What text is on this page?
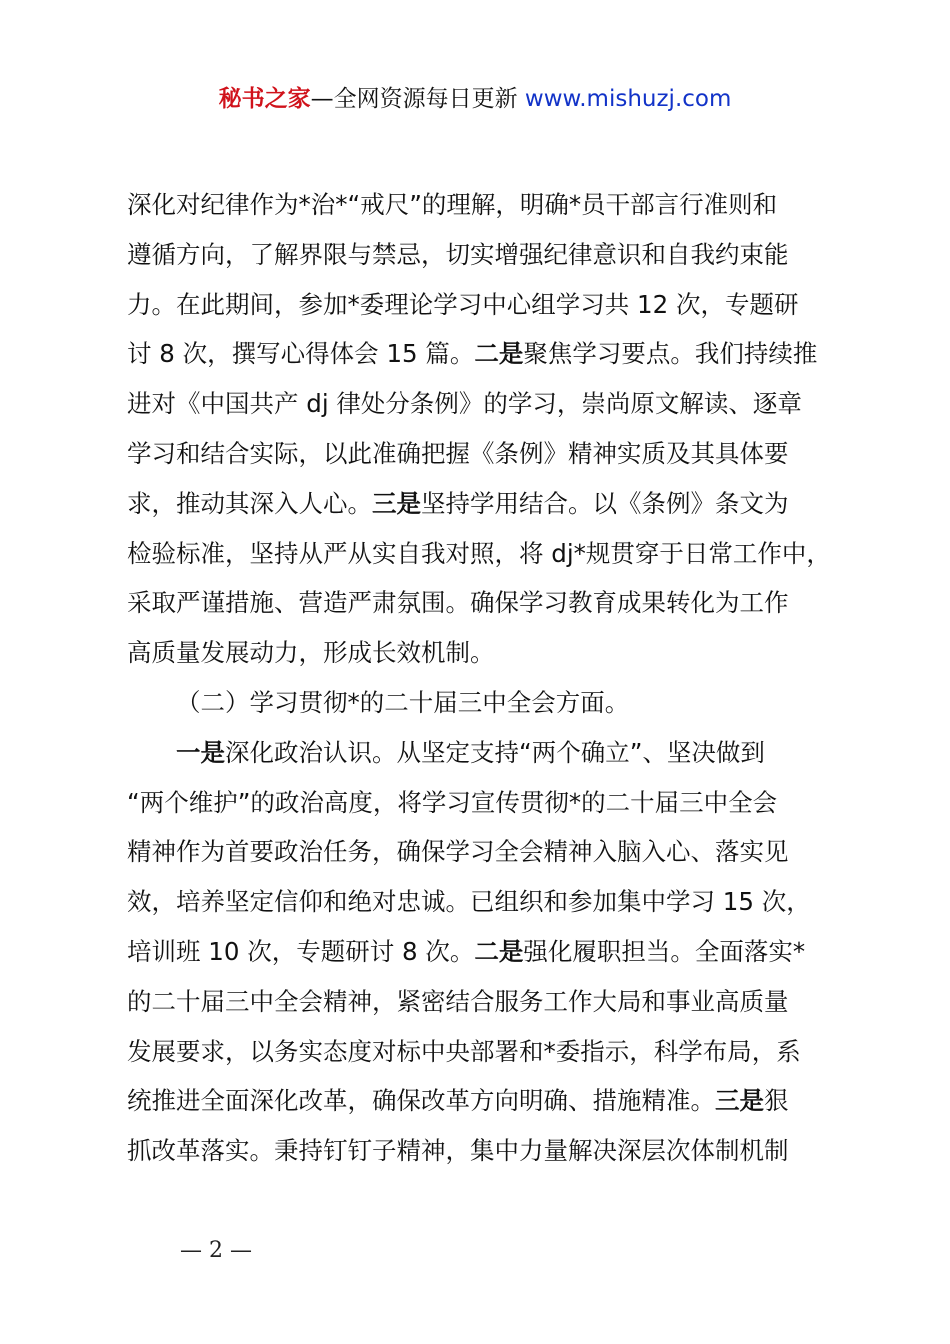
秘书之家—全网资源每日更新 www.mishuzj.com
深化对纪律作为*治*“戒尺”的理解，明确*员干部言行准则和
遵循方向，了解界限与禁忌，切实增强纪律意识和自我约束能
力。在此期间，参加*委理论学习中心组学习共 12 次，专题研
讨 8 次，撰写心得体会 15 篇。二是聚焦学习要点。我们持续推
进对《中国共产 dj 律处分条例》的学习，崇尚原文解读、逐章
学习和结合实际，以此准确把握《条例》精神实质及其具体要
求，推动其深入人心。三是坚持学用结合。以《条例》条文为
检验标准，坚持从严从实自我对照，将 dj*规贯穿于日常工作中，
采取严谨措施、营造严肃氛围。确保学习教育成果转化为工作
高质量发展动力，形成长效机制。
（二）学习贯彻*的二十届三中全会方面。
一是深化政治认识。从坚定支持“两个确立”、坚决做到
“两个维护”的政治高度，将学习宣传贯彻*的二十届三中全会
精神作为首要政治任务，确保学习全会精神入脑入心、落实见
效，培养坚定信仰和绝对忠诚。已组织和参加集中学习 15 次，
培训班 10 次，专题研讨 8 次。二是强化履职担当。全面落实*
的二十届三中全会精神，紧密结合服务工作大局和事业高质量
发展要求，以务实态度对标中央部署和*委指示，科学布局，系
统推进全面深化改革，确保改革方向明确、措施精准。三是狠
抓改革落实。秉持钉钉子精神，集中力量解决深层次体制机制
— 2 —
